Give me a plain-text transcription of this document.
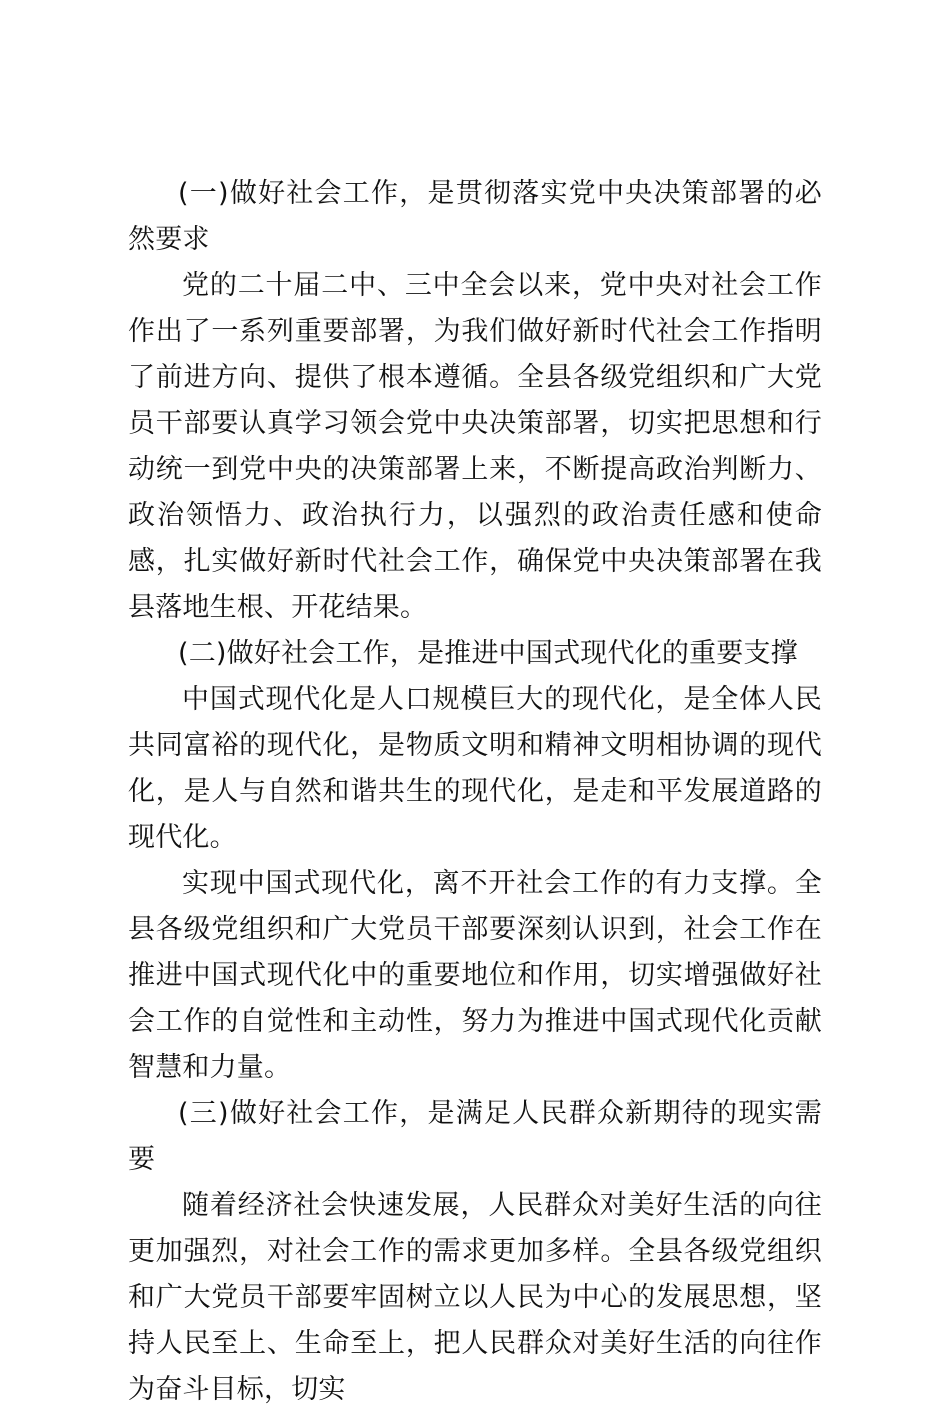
(一)做好社会工作，是贯彻落实党中央决策部署的必然要求

党的二十届二中、三中全会以来，党中央对社会工作作出了一系列重要部署，为我们做好新时代社会工作指明了前进方向、提供了根本遵循。全县各级党组织和广大党员干部要认真学习领会党中央决策部署，切实把思想和行动统一到党中央的决策部署上来，不断提高政治判断力、政治领悟力、政治执行力，以强烈的政治责任感和使命感，扎实做好新时代社会工作，确保党中央决策部署在我县落地生根、开花结果。

(二)做好社会工作，是推进中国式现代化的重要支撑

中国式现代化是人口规模巨大的现代化，是全体人民共同富裕的现代化，是物质文明和精神文明相协调的现代化，是人与自然和谐共生的现代化，是走和平发展道路的现代化。

实现中国式现代化，离不开社会工作的有力支撑。全县各级党组织和广大党员干部要深刻认识到，社会工作在推进中国式现代化中的重要地位和作用，切实增强做好社会工作的自觉性和主动性，努力为推进中国式现代化贡献智慧和力量。

(三)做好社会工作，是满足人民群众新期待的现实需要

随着经济社会快速发展，人民群众对美好生活的向往更加强烈，对社会工作的需求更加多样。全县各级党组织和广大党员干部要牢固树立以人民为中心的发展思想，坚持人民至上、生命至上，把人民群众对美好生活的向往作为奋斗目标，切实
